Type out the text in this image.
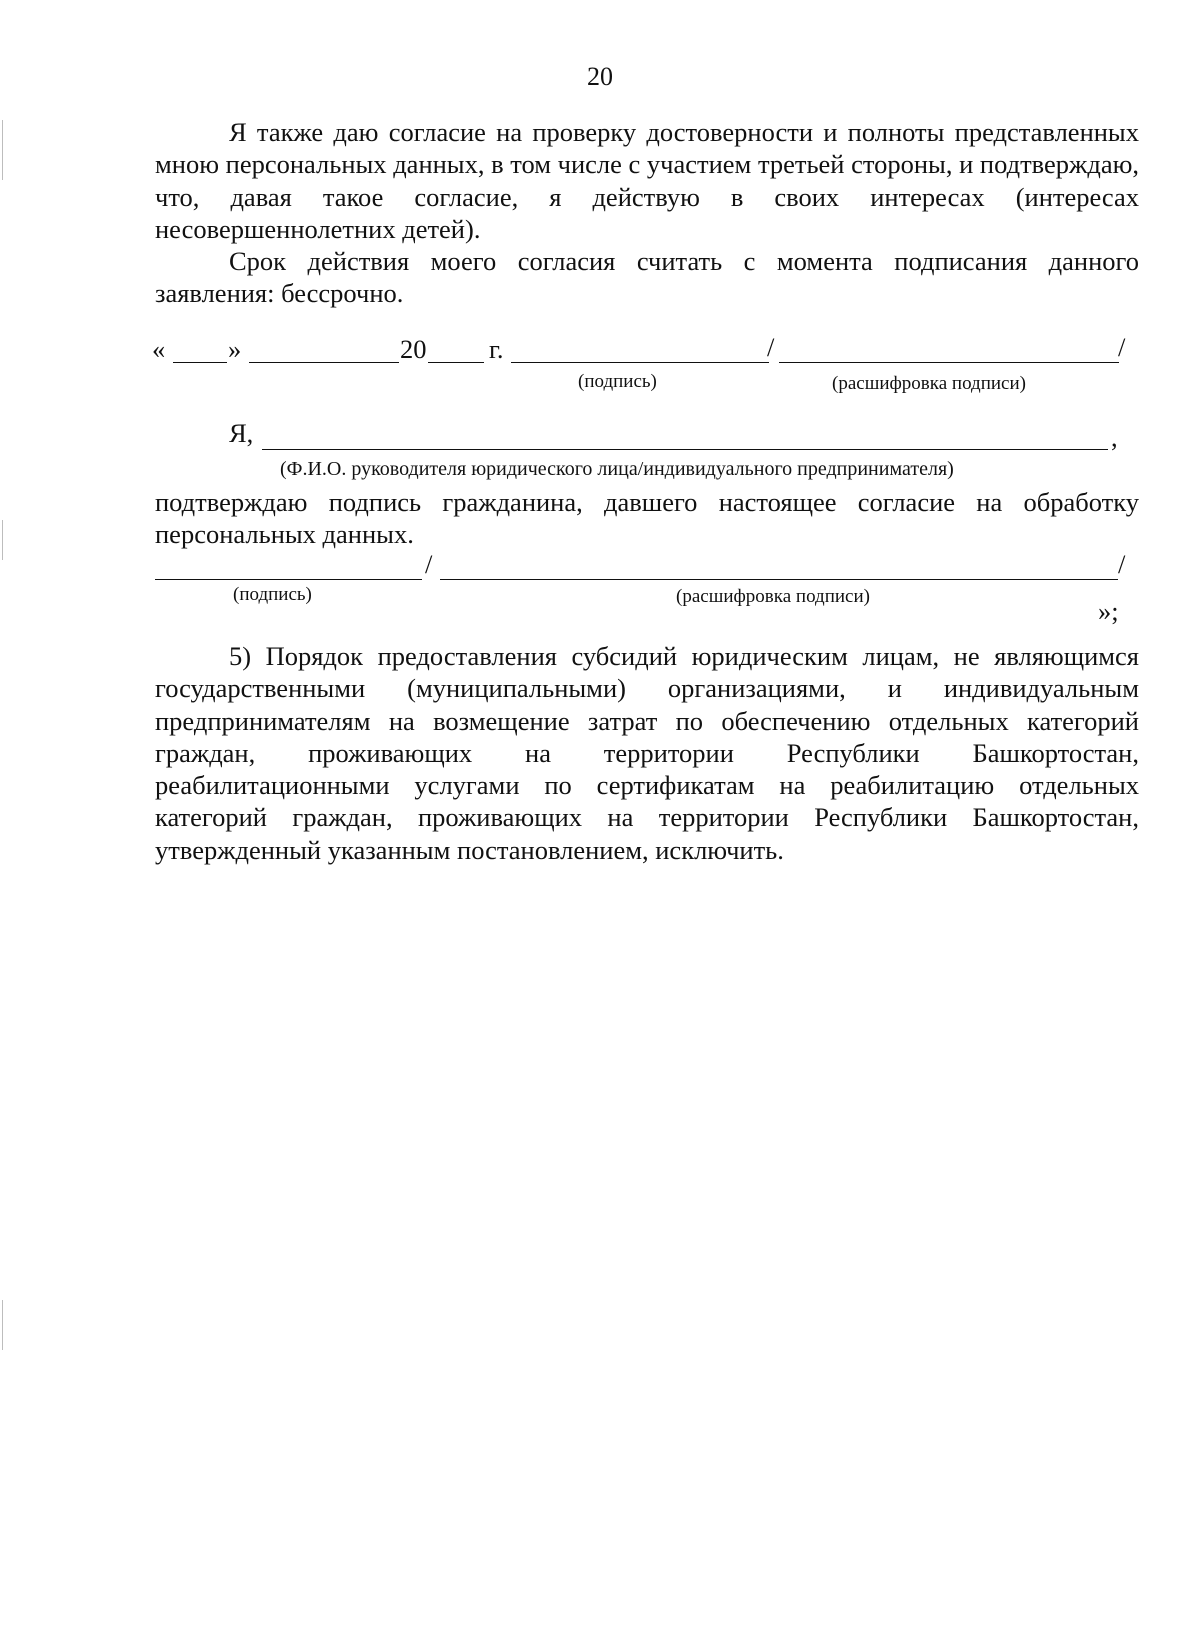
20

Я также даю согласие на проверку достоверности и полноты представленных мною персональных данных, в том числе с участием третьей стороны, и подтверждаю, что, давая такое согласие, я действую в своих интересах (интересах несовершеннолетних детей).

Срок действия моего согласия считать с момента подписания данного заявления: бессрочно.

« »	20 г.	/	/
(подпись)	(расшифровка подписи)
Я,	,
(Ф.И.О. руководителя юридического лица/индивидуального предпринимателя)

подтверждаю подпись гражданина, давшего настоящее согласие на обработку персональных данных.

/	/
(подпись)	(расшифровка подписи)	»;

5) Порядок предоставления субсидий юридическим лицам, не являющимся государственными (муниципальными) организациями, и индивидуальным предпринимателям на возмещение затрат по обеспечению отдельных категорий граждан, проживающих на территории Республики Башкортостан, реабилитационными услугами по сертификатам на реабилитацию отдельных категорий граждан, проживающих на территории Республики Башкортостан, утвержденный указанным постановлением, исключить.
